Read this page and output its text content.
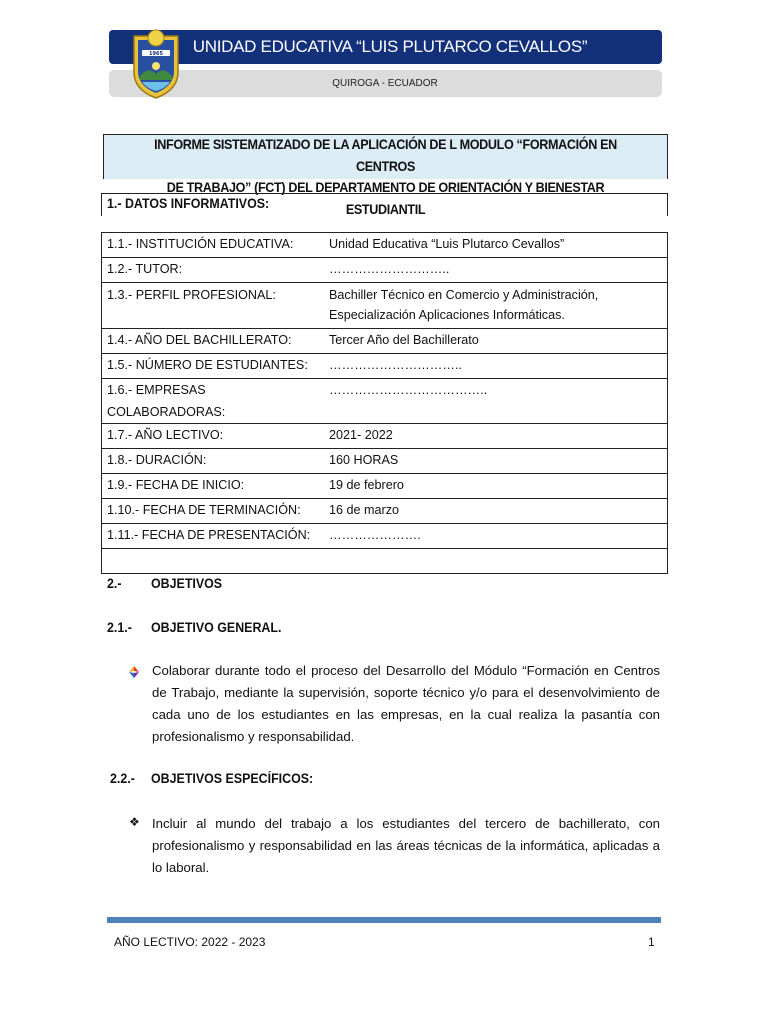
UNIDAD EDUCATIVA “LUIS PLUTARCO CEVALLOS”
QUIROGA - ECUADOR
1965
INFORME SISTEMATIZADO DE LA APLICACIÓN DE L MODULO “FORMACIÓN EN CENTROS
DE TRABAJO” (FCT) DEL DEPARTAMENTO DE ORIENTACIÓN Y BIENESTAR ESTUDIANTIL
1.- DATOS INFORMATIVOS:
1.1.- INSTITUCIÓN EDUCATIVA:	Unidad Educativa “Luis Plutarco Cevallos”
1.2.- TUTOR:	………………………..
1.3.- PERFIL PROFESIONAL:	Bachiller Técnico en Comercio y Administración,
Especialización Aplicaciones Informáticas.

1.4.- AÑO DEL BACHILLERATO:	Tercer Año del Bachillerato
1.5.- NÚMERO DE ESTUDIANTES:	…………………………..
1.6.- EMPRESAS COLABORADORAS:	………………………………..
1.7.- AÑO LECTIVO:	2021- 2022
1.8.- DURACIÓN:	160 HORAS
1.9.- FECHA DE INICIO:	19 de febrero
1.10.- FECHA DE TERMINACIÓN:	16 de marzo
1.11.- FECHA DE PRESENTACIÓN:	………………….

2.- OBJETIVOS
2.1.- OBJETIVO GENERAL.
Colaborar durante todo el proceso del Desarrollo del Módulo “Formación en Centros de Trabajo, mediante la supervisión, soporte técnico y/o para el desenvolvimiento de cada uno de los estudiantes en las empresas, en la cual realiza la pasantía con profesionalismo y responsabilidad.
2.2.- OBJETIVOS ESPECÍFICOS:
❖ Incluir al mundo del trabajo a los estudiantes del tercero de bachillerato, con profesionalismo y responsabilidad en las áreas técnicas de la informática, aplicadas a lo laboral.
AÑO LECTIVO: 2022 - 2023	1
